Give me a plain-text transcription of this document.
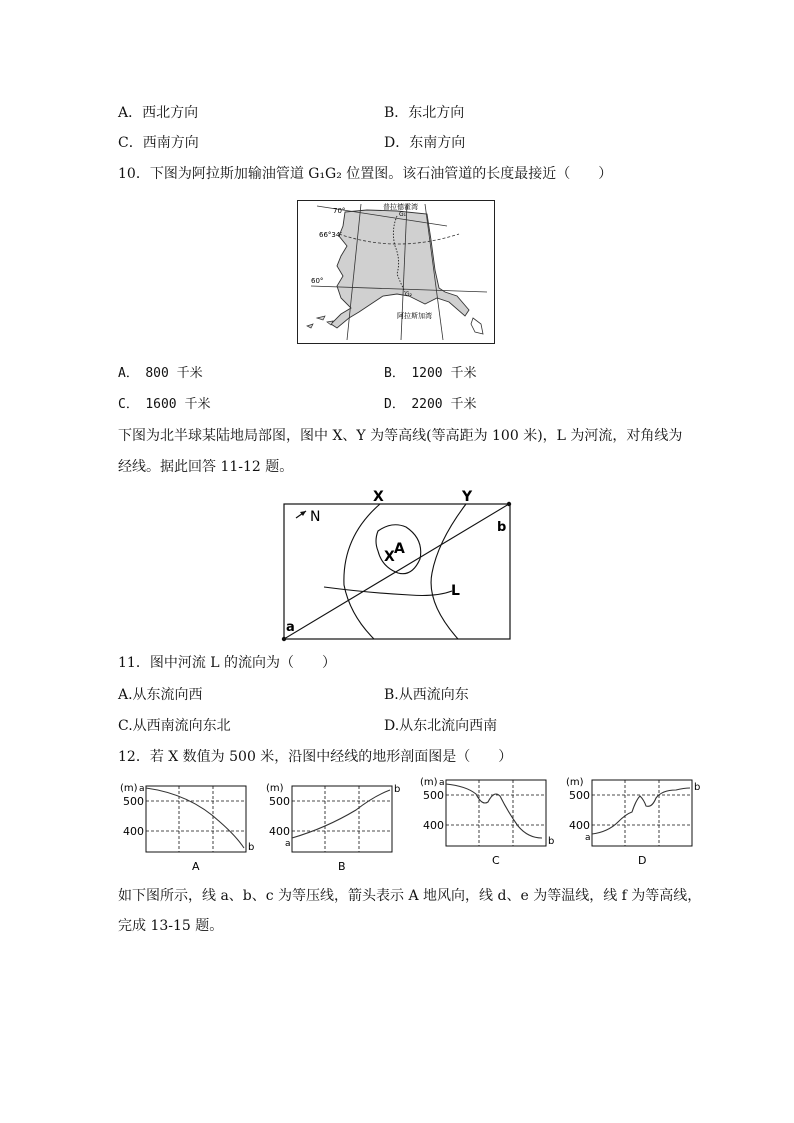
A．西北方向	B．东北方向
C．西南方向	D．东南方向
10．下图为阿拉斯加输油管道 G₁G₂ 位置图。该石油管道的长度最接近（　　）
70°
66°34′
60°
普拉德霍湾
G₁
G₂
阿拉斯加湾
A．　800 千米	B．　1200 千米
C．　1600 千米	D．　2200 千米
下图为北半球某陆地局部图，图中 X、Y 为等高线(等高距为 100 米)，L 为河流，对角线为
经线。据此回答 11-12 题。
N
X	Y
b
a
X A
L
11．图中河流 L 的流向为（　　）
A.从东流向西	B.从西流向东
C.从西南流向东北	D.从东北流向西南
12．若 X 数值为 500 米，沿图中经线的地形剖面图是（　　）
(m) a
500
400
b
A
(m)
500
400
a
b
B
(m) a
500
400
b
C
(m)
500
400
a
b
D
如下图所示，线 a、b、c 为等压线，箭头表示 A 地风向，线 d、e 为等温线，线 f 为等高线，
完成 13-15 题。
